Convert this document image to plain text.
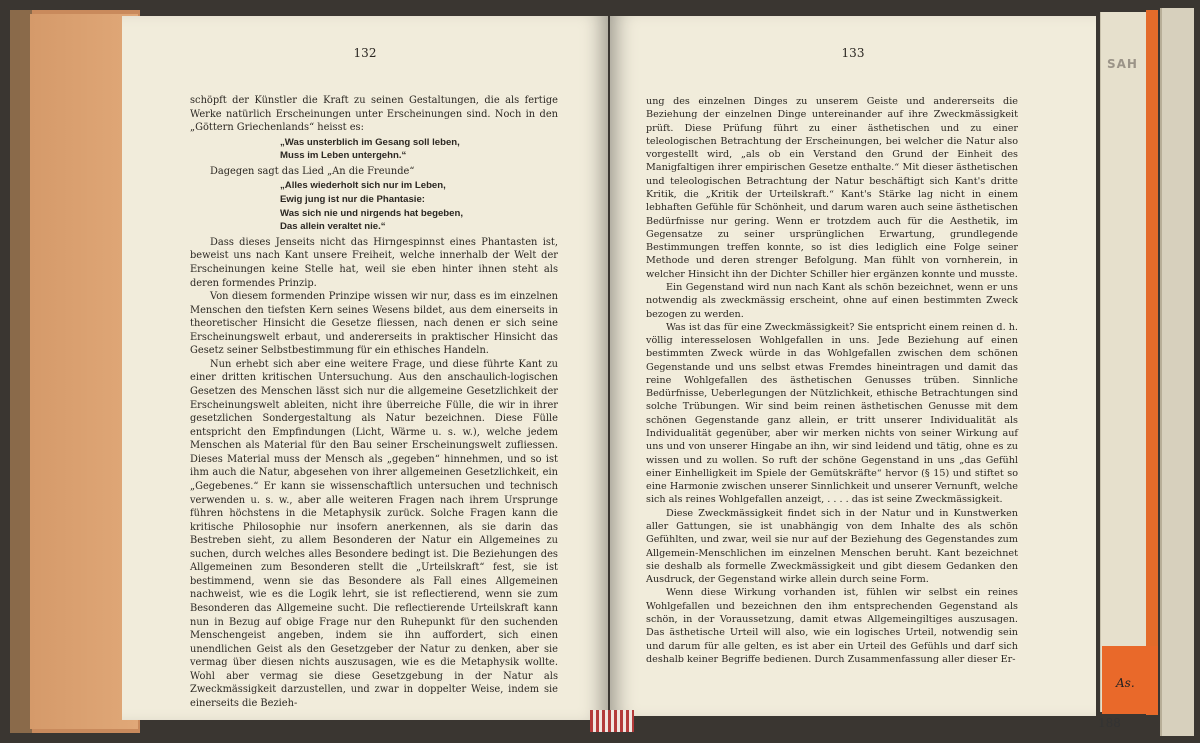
SAH
As.
188
132

schöpft der Künstler die Kraft zu seinen Gestaltungen, die als fertige Werke natürlich Erscheinungen unter Erscheinungen sind. Noch in den „Göttern Griechenlands“ heisst es:

„Was unsterblich im Gesang soll leben,

Muss im Leben untergehn.“

Dagegen sagt das Lied „An die Freunde“

„Alles wiederholt sich nur im Leben,

Ewig jung ist nur die Phantasie:

Was sich nie und nirgends hat begeben,

Das allein veraltet nie.“

Dass dieses Jenseits nicht das Hirngespinnst eines Phantasten ist, beweist uns nach Kant unsere Freiheit, welche innerhalb der Welt der Erscheinungen keine Stelle hat, weil sie eben hinter ihnen steht als deren formendes Prinzip.

Von diesem formenden Prinzipe wissen wir nur, dass es im einzelnen Menschen den tiefsten Kern seines Wesens bildet, aus dem einerseits in theoretischer Hinsicht die Gesetze fliessen, nach denen er sich seine Erscheinungswelt erbaut, und andererseits in praktischer Hinsicht das Gesetz seiner Selbstbestimmung für ein ethisches Handeln.

Nun erhebt sich aber eine weitere Frage, und diese führte Kant zu einer dritten kritischen Untersuchung. Aus den anschaulich-logischen Gesetzen des Menschen lässt sich nur die allgemeine Gesetzlichkeit der Erscheinungswelt ableiten, nicht ihre überreiche Fülle, die wir in ihrer gesetzlichen Sondergestaltung als Natur bezeichnen. Diese Fülle entspricht den Empfindungen (Licht, Wärme u. s. w.), welche jedem Menschen als Material für den Bau seiner Erscheinungswelt zufliessen. Dieses Material muss der Mensch als „gegeben“ hinnehmen, und so ist ihm auch die Natur, abgesehen von ihrer allgemeinen Gesetzlichkeit, ein „Gegebenes.“ Er kann sie wissenschaftlich untersuchen und technisch verwenden u. s. w., aber alle weiteren Fragen nach ihrem Ursprunge führen höchstens in die Metaphysik zurück. Solche Fragen kann die kritische Philosophie nur insofern anerkennen, als sie darin das Bestreben sieht, zu allem Besonderen der Natur ein Allgemeines zu suchen, durch welches alles Besondere bedingt ist. Die Beziehungen des Allgemeinen zum Besonderen stellt die „Urteilskraft“ fest, sie ist bestimmend, wenn sie das Besondere als Fall eines Allgemeinen nachweist, wie es die Logik lehrt, sie ist reflectierend, wenn sie zum Besonderen das Allgemeine sucht. Die reflectierende Urteilskraft kann nun in Bezug auf obige Frage nur den Ruhepunkt für den suchenden Menschengeist angeben, indem sie ihn auffordert, sich einen unendlichen Geist als den Gesetzgeber der Natur zu denken, aber sie vermag über diesen nichts auszusagen, wie es die Metaphysik wollte. Wohl aber vermag sie diese Gesetzgebung in der Natur als Zweckmässigkeit darzustellen, und zwar in doppelter Weise, indem sie einerseits die Bezieh-

133

ung des einzelnen Dinges zu unserem Geiste und andererseits die Beziehung der einzelnen Dinge untereinander auf ihre Zweckmässigkeit prüft. Diese Prüfung führt zu einer ästhetischen und zu einer teleologischen Betrachtung der Erscheinungen, bei welcher die Natur also vorgestellt wird, „als ob ein Verstand den Grund der Einheit des Manigfaltigen ihrer empirischen Gesetze enthalte.“ Mit dieser ästhetischen und teleologischen Betrachtung der Natur beschäftigt sich Kant's dritte Kritik, die „Kritik der Urteilskraft.“ Kant's Stärke lag nicht in einem lebhaften Gefühle für Schönheit, und darum waren auch seine ästhetischen Bedürfnisse nur gering. Wenn er trotzdem auch für die Aesthetik, im Gegensatze zu seiner ursprünglichen Erwartung, grundlegende Bestimmungen treffen konnte, so ist dies lediglich eine Folge seiner Methode und deren strenger Befolgung. Man fühlt von vornherein, in welcher Hinsicht ihn der Dichter Schiller hier ergänzen konnte und musste.

Ein Gegenstand wird nun nach Kant als schön bezeichnet, wenn er uns notwendig als zweckmässig erscheint, ohne auf einen bestimmten Zweck bezogen zu werden.

Was ist das für eine Zweckmässigkeit? Sie entspricht einem reinen d. h. völlig interesselosen Wohlgefallen in uns. Jede Beziehung auf einen bestimmten Zweck würde in das Wohlgefallen zwischen dem schönen Gegenstande und uns selbst etwas Fremdes hineintragen und damit das reine Wohlgefallen des ästhetischen Genusses trüben. Sinnliche Bedürfnisse, Ueberlegungen der Nützlichkeit, ethische Betrachtungen sind solche Trübungen. Wir sind beim reinen ästhetischen Genusse mit dem schönen Gegenstande ganz allein, er tritt unserer Individualität als Individualität gegenüber, aber wir merken nichts von seiner Wirkung auf uns und von unserer Hingabe an ihn, wir sind leidend und tätig, ohne es zu wissen und zu wollen. So ruft der schöne Gegenstand in uns „das Gefühl einer Einhelligkeit im Spiele der Gemütskräfte“ hervor (§ 15) und stiftet so eine Harmonie zwischen unserer Sinnlichkeit und unserer Vernunft, welche sich als reines Wohlgefallen anzeigt, . . . . das ist seine Zweckmässigkeit.

Diese Zweckmässigkeit findet sich in der Natur und in Kunstwerken aller Gattungen, sie ist unabhängig von dem Inhalte des als schön Gefühlten, und zwar, weil sie nur auf der Beziehung des Gegenstandes zum Allgemein-Menschlichen im einzelnen Menschen beruht. Kant bezeichnet sie deshalb als formelle Zweckmässigkeit und gibt diesem Gedanken den Ausdruck, der Gegenstand wirke allein durch seine Form.

Wenn diese Wirkung vorhanden ist, fühlen wir selbst ein reines Wohlgefallen und bezeichnen den ihm entsprechenden Gegenstand als schön, in der Voraussetzung, damit etwas Allgemeingiltiges auszusagen. Das ästhetische Urteil will also, wie ein logisches Urteil, notwendig sein und darum für alle gelten, es ist aber ein Urteil des Gefühls und darf sich deshalb keiner Begriffe bedienen. Durch Zusammenfassung aller dieser Er-
